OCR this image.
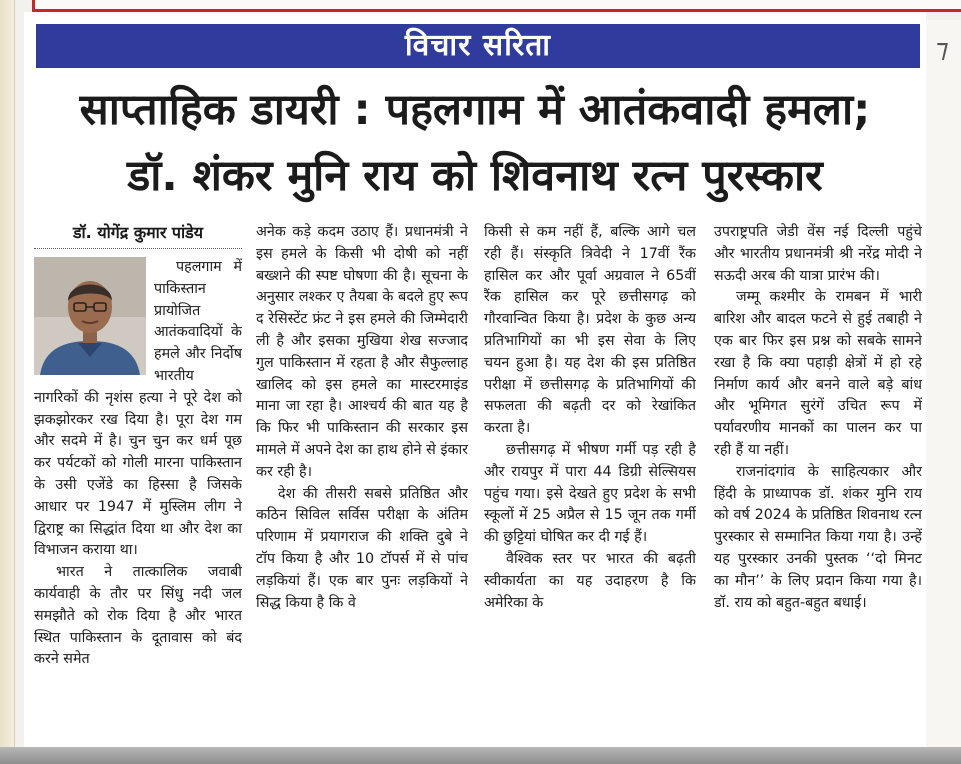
विचार सरिता
साप्ताहिक डायरी : पहलगाम में आतंकवादी हमला;
डॉ. शंकर मुनि राय को शिवनाथ रत्न पुरस्कार
डॉ. योगेंद्र कुमार पांडेय

पहलगाम में पाकिस्तान प्रायोजित आतंकवादियों के हमले और निर्दोष भारतीय नागरिकों की नृशंस हत्या ने पूरे देश को झकझोरकर रख दिया है। पूरा देश गम और सदमे में है। चुन चुन कर धर्म पूछ कर पर्यटकों को गोली मारना पाकिस्तान के उसी एजेंडे का हिस्सा है जिसके आधार पर 1947 में मुस्लिम लीग ने द्विराष्ट्र का सिद्धांत दिया था और देश का विभाजन कराया था।

भारत ने तात्कालिक जवाबी कार्यवाही के तौर पर सिंधु नदी जल समझौते को रोक दिया है और भारत स्थित पाकिस्तान के दूतावास को बंद करने समेत

अनेक कड़े कदम उठाए हैं। प्रधानमंत्री ने इस हमले के किसी भी दोषी को नहीं बख्शने की स्पष्ट घोषणा की है। सूचना के अनुसार लश्कर ए तैयबा के बदले हुए रूप द रेसिस्टेंट फ्रंट ने इस हमले की जिम्मेदारी ली है और इसका मुखिया शेख सज्जाद गुल पाकिस्तान में रहता है और सैफुल्लाह खालिद को इस हमले का मास्टरमाइंड माना जा रहा है। आश्चर्य की बात यह है कि फिर भी पाकिस्तान की सरकार इस मामले में अपने देश का हाथ होने से इंकार कर रही है।

देश की तीसरी सबसे प्रतिष्ठित और कठिन सिविल सर्विस परीक्षा के अंतिम परिणाम में प्रयागराज की शक्ति दुबे ने टॉप किया है और 10 टॉपर्स में से पांच लड़कियां हैं। एक बार पुनः लड़कियों ने सिद्ध किया है कि वे

किसी से कम नहीं हैं, बल्कि आगे चल रही हैं। संस्कृति त्रिवेदी ने 17वीं रैंक हासिल कर और पूर्वा अग्रवाल ने 65वीं रैंक हासिल कर पूरे छत्तीसगढ़ को गौरवान्वित किया है। प्रदेश के कुछ अन्य प्रतिभागियों का भी इस सेवा के लिए चयन हुआ है। यह देश की इस प्रतिष्ठित परीक्षा में छत्तीसगढ़ के प्रतिभागियों की सफलता की बढ़ती दर को रेखांकित करता है।

छत्तीसगढ़ में भीषण गर्मी पड़ रही है और रायपुर में पारा 44 डिग्री सेल्सियस पहुंच गया। इसे देखते हुए प्रदेश के सभी स्कूलों में 25 अप्रैल से 15 जून तक गर्मी की छुट्टियां घोषित कर दी गई हैं।

वैश्विक स्तर पर भारत की बढ़ती स्वीकार्यता का यह उदाहरण है कि अमेरिका के

उपराष्ट्रपति जेडी वेंस नई दिल्ली पहुंचे और भारतीय प्रधानमंत्री श्री नरेंद्र मोदी ने सऊदी अरब की यात्रा प्रारंभ की।

जम्मू कश्मीर के रामबन में भारी बारिश और बादल फटने से हुई तबाही ने एक बार फिर इस प्रश्न को सबके सामने रखा है कि क्या पहाड़ी क्षेत्रों में हो रहे निर्माण कार्य और बनने वाले बड़े बांध और भूमिगत सुरंगें उचित रूप में पर्यावरणीय मानकों का पालन कर पा रही हैं या नहीं।

राजनांदगांव के साहित्यकार और हिंदी के प्राध्यापक डॉ. शंकर मुनि राय को वर्ष 2024 के प्रतिष्ठित शिवनाथ रत्न पुरस्कार से सम्मानित किया गया है। उन्हें यह पुरस्कार उनकी पुस्तक ‘‘दो मिनट का मौन’’ के लिए प्रदान किया गया है। डॉ. राय को बहुत-बहुत बधाई।

⁊
